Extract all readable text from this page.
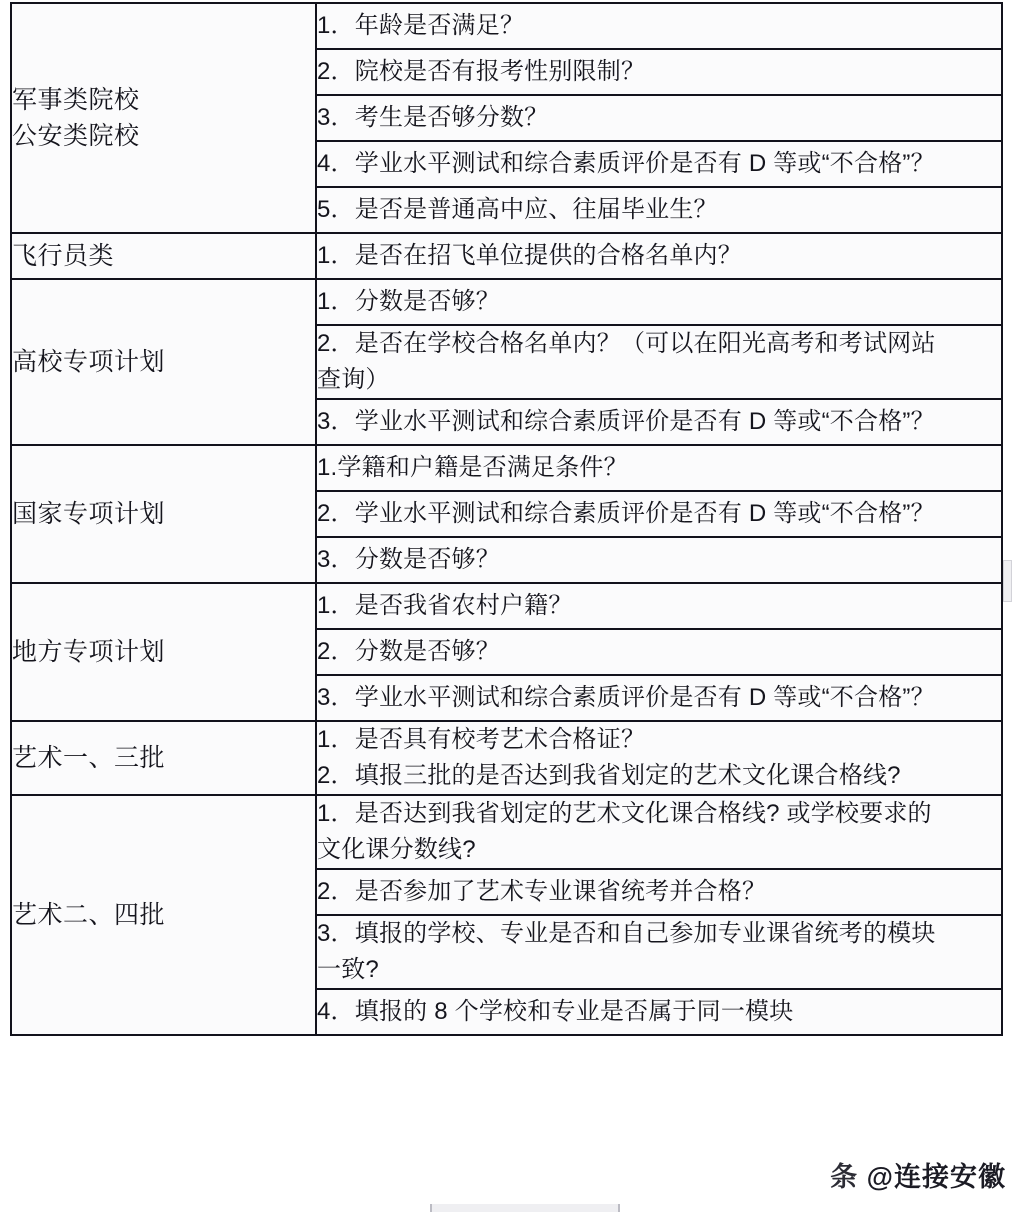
军事类院校
公安类院校	1．年龄是否满足？

	2．院校是否有报考性别限制？

	3．考生是否够分数？

	4．学业水平测试和综合素质评价是否有 D 等或“不合格”？

	5．是否是普通高中应、往届毕业生？

飞行员类	1．是否在招飞单位提供的合格名单内？

高校专项计划	1．分数是否够？

	2．是否在学校合格名单内？（可以在阳光高考和考试网站
查询）

	3．学业水平测试和综合素质评价是否有 D 等或“不合格”？

国家专项计划	1.学籍和户籍是否满足条件？

	2．学业水平测试和综合素质评价是否有 D 等或“不合格”？

	3．分数是否够？

地方专项计划	1．是否我省农村户籍？

	2．分数是否够？

	3．学业水平测试和综合素质评价是否有 D 等或“不合格”？

艺术一、三批	1．是否具有校考艺术合格证？
2．填报三批的是否达到我省划定的艺术文化课合格线?

艺术二、四批	1．是否达到我省划定的艺术文化课合格线? 或学校要求的
文化课分数线?

	2．是否参加了艺术专业课省统考并合格？

	3．填报的学校、专业是否和自己参加专业课省统考的模块
一致?

	4．填报的 8 个学校和专业是否属于同一模块
条 @连接安徽
